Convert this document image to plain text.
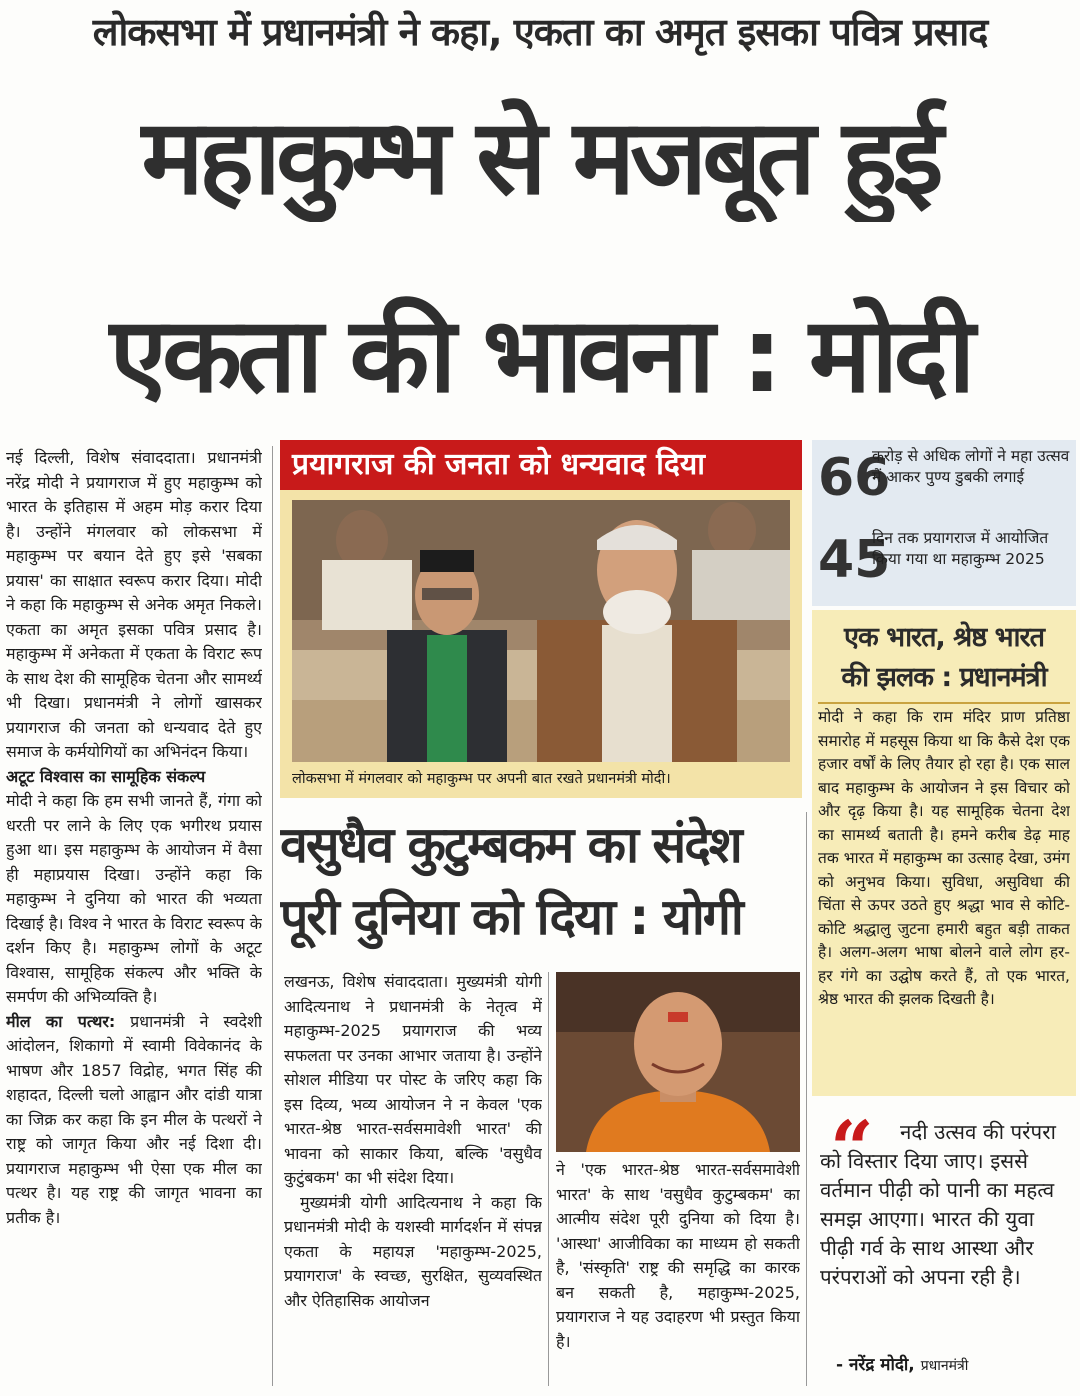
लोकसभा में प्रधानमंत्री ने कहा, एकता का अमृत इसका पवित्र प्रसाद
महाकुम्भ से मजबूत हुई
एकता की भावना : मोदी

नई दिल्ली, विशेष संवाददाता। प्रधानमंत्री नरेंद्र मोदी ने प्रयागराज में हुए महाकुम्भ को भारत के इतिहास में अहम मोड़ करार दिया है। उन्होंने मंगलवार को लोकसभा में महाकुम्भ पर बयान देते हुए इसे 'सबका प्रयास' का साक्षात स्वरूप करार दिया। मोदी ने कहा कि महाकुम्भ से अनेक अमृत निकले। एकता का अमृत इसका पवित्र प्रसाद है। महाकुम्भ में अनेकता में एकता के विराट रूप के साथ देश की सामूहिक चेतना और सामर्थ्य भी दिखा। प्रधानमंत्री ने लोगों खासकर प्रयागराज की जनता को धन्यवाद देते हुए समाज के कर्मयोगियों का अभिनंदन किया।

अटूट विश्वास का सामूहिक संकल्प

मोदी ने कहा कि हम सभी जानते हैं, गंगा को धरती पर लाने के लिए एक भगीरथ प्रयास हुआ था। इस महाकुम्भ के आयोजन में वैसा ही महाप्रयास दिखा। उन्होंने कहा कि महाकुम्भ ने दुनिया को भारत की भव्यता दिखाई है। विश्व ने भारत के विराट स्वरूप के दर्शन किए है। महाकुम्भ लोगों के अटूट विश्वास, सामूहिक संकल्प और भक्ति के समर्पण की अभिव्यक्ति है।

मील का पत्थर: प्रधानमंत्री ने स्वदेशी आंदोलन, शिकागो में स्वामी विवेकानंद के भाषण और 1857 विद्रोह, भगत सिंह की शहादत, दिल्ली चलो आह्वान और दांडी यात्रा का जिक्र कर कहा कि इन मील के पत्थरों ने राष्ट्र को जागृत किया और नई दिशा दी। प्रयागराज महाकुम्भ भी ऐसा एक मील का पत्थर है। यह राष्ट्र की जागृत भावना का प्रतीक है।

प्रयागराज की जनता को धन्यवाद दिया
लोकसभा में मंगलवार को महाकुम्भ पर अपनी बात रखते प्रधानमंत्री मोदी।
वसुधैव कुटुम्बकम का संदेश
पूरी दुनिया को दिया : योगी

लखनऊ, विशेष संवाददाता। मुख्यमंत्री योगी आदित्यनाथ ने प्रधानमंत्री के नेतृत्व में महाकुम्भ-2025 प्रयागराज की भव्य सफलता पर उनका आभार जताया है। उन्होंने सोशल मीडिया पर पोस्ट के जरिए कहा कि इस दिव्य, भव्य आयोजन ने न केवल 'एक भारत-श्रेष्ठ भारत-सर्वसमावेशी भारत' की भावना को साकार किया, बल्कि 'वसुधैव कुटुंबकम' का भी संदेश दिया।

मुख्यमंत्री योगी आदित्यनाथ ने कहा कि प्रधानमंत्री मोदी के यशस्वी मार्गदर्शन में संपन्न एकता के महायज्ञ 'महाकुम्भ-2025, प्रयागराज' के स्वच्छ, सुरक्षित, सुव्यवस्थित और ऐतिहासिक आयोजन

ने 'एक भारत-श्रेष्ठ भारत-सर्वसमावेशी भारत' के साथ 'वसुधैव कुटुम्बकम' का आत्मीय संदेश पूरी दुनिया को दिया है। 'आस्था' आजीविका का माध्यम हो सकती है, 'संस्कृति' राष्ट्र की समृद्धि का कारक बन सकती है, महाकुम्भ-2025, प्रयागराज ने यह उदाहरण भी प्रस्तुत किया है।

66
करोड़ से अधिक लोगों ने महा उत्सव में आकर पुण्य डुबकी लगाई
45
दिन तक प्रयागराज में आयोजित किया गया था महाकुम्भ 2025
एक भारत, श्रेष्ठ भारत
की झलक : प्रधानमंत्री
मोदी ने कहा कि राम मंदिर प्राण प्रतिष्ठा समारोह में महसूस किया था कि कैसे देश एक हजार वर्षों के लिए तैयार हो रहा है। एक साल बाद महाकुम्भ के आयोजन ने इस विचार को और दृढ़ किया है। यह सामूहिक चेतना देश का सामर्थ्य बताती है। हमने करीब डेढ़ माह तक भारत में महाकुम्भ का उत्साह देखा, उमंग को अनुभव किया। सुविधा, असुविधा की चिंता से ऊपर उठते हुए श्रद्धा भाव से कोटि-कोटि श्रद्धालु जुटना हमारी बहुत बड़ी ताकत है। अलग-अलग भाषा बोलने वाले लोग हर-हर गंगे का उद्घोष करते हैं, तो एक भारत, श्रेष्ठ भारत की झलक दिखती है।
“	नदी उत्सव की परंपरा को विस्तार दिया जाए। इससे वर्तमान पीढ़ी को पानी का महत्व समझ आएगा। भारत की युवा पीढ़ी गर्व के साथ आस्था और परंपराओं को अपना रही है।
- नरेंद्र मोदी, प्रधानमंत्री
